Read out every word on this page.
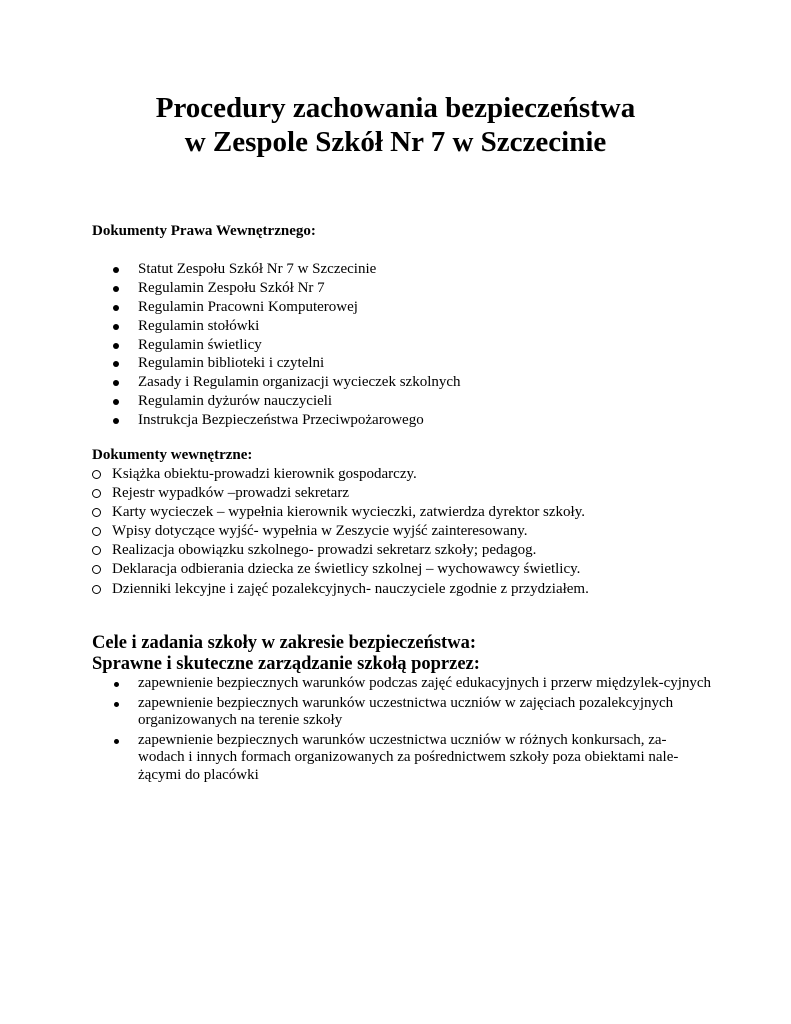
Procedury zachowania bezpieczeństwa
w Zespole Szkół Nr 7 w Szczecinie
Dokumenty Prawa Wewnętrznego:
Statut Zespołu Szkół Nr 7 w Szczecinie
Regulamin Zespołu Szkół Nr 7
Regulamin Pracowni Komputerowej
Regulamin stołówki
Regulamin świetlicy
Regulamin biblioteki i czytelni
Zasady i Regulamin organizacji wycieczek szkolnych
Regulamin dyżurów nauczycieli
Instrukcja Bezpieczeństwa Przeciwpożarowego
Dokumenty wewnętrzne:
Książka obiektu-prowadzi kierownik gospodarczy.
Rejestr wypadków –prowadzi sekretarz
Karty wycieczek – wypełnia kierownik wycieczki, zatwierdza dyrektor szkoły.
Wpisy dotyczące wyjść- wypełnia w Zeszycie wyjść zainteresowany.
Realizacja obowiązku szkolnego- prowadzi sekretarz szkoły; pedagog.
Deklaracja odbierania dziecka ze świetlicy szkolnej – wychowawcy świetlicy.
Dzienniki lekcyjne i zajęć pozalekcyjnych- nauczyciele zgodnie z przydziałem.
Cele i zadania szkoły w zakresie bezpieczeństwa:
Sprawne i skuteczne zarządzanie szkołą poprzez:
zapewnienie bezpiecznych warunków podczas zajęć edukacyjnych i przerw międzylek-cyjnych
zapewnienie bezpiecznych warunków uczestnictwa uczniów w zajęciach pozalekcyjnych organizowanych na terenie szkoły
zapewnienie bezpiecznych warunków uczestnictwa uczniów w różnych konkursach, za-wodach i innych formach organizowanych za pośrednictwem szkoły poza obiektami nale-żącymi do placówki
